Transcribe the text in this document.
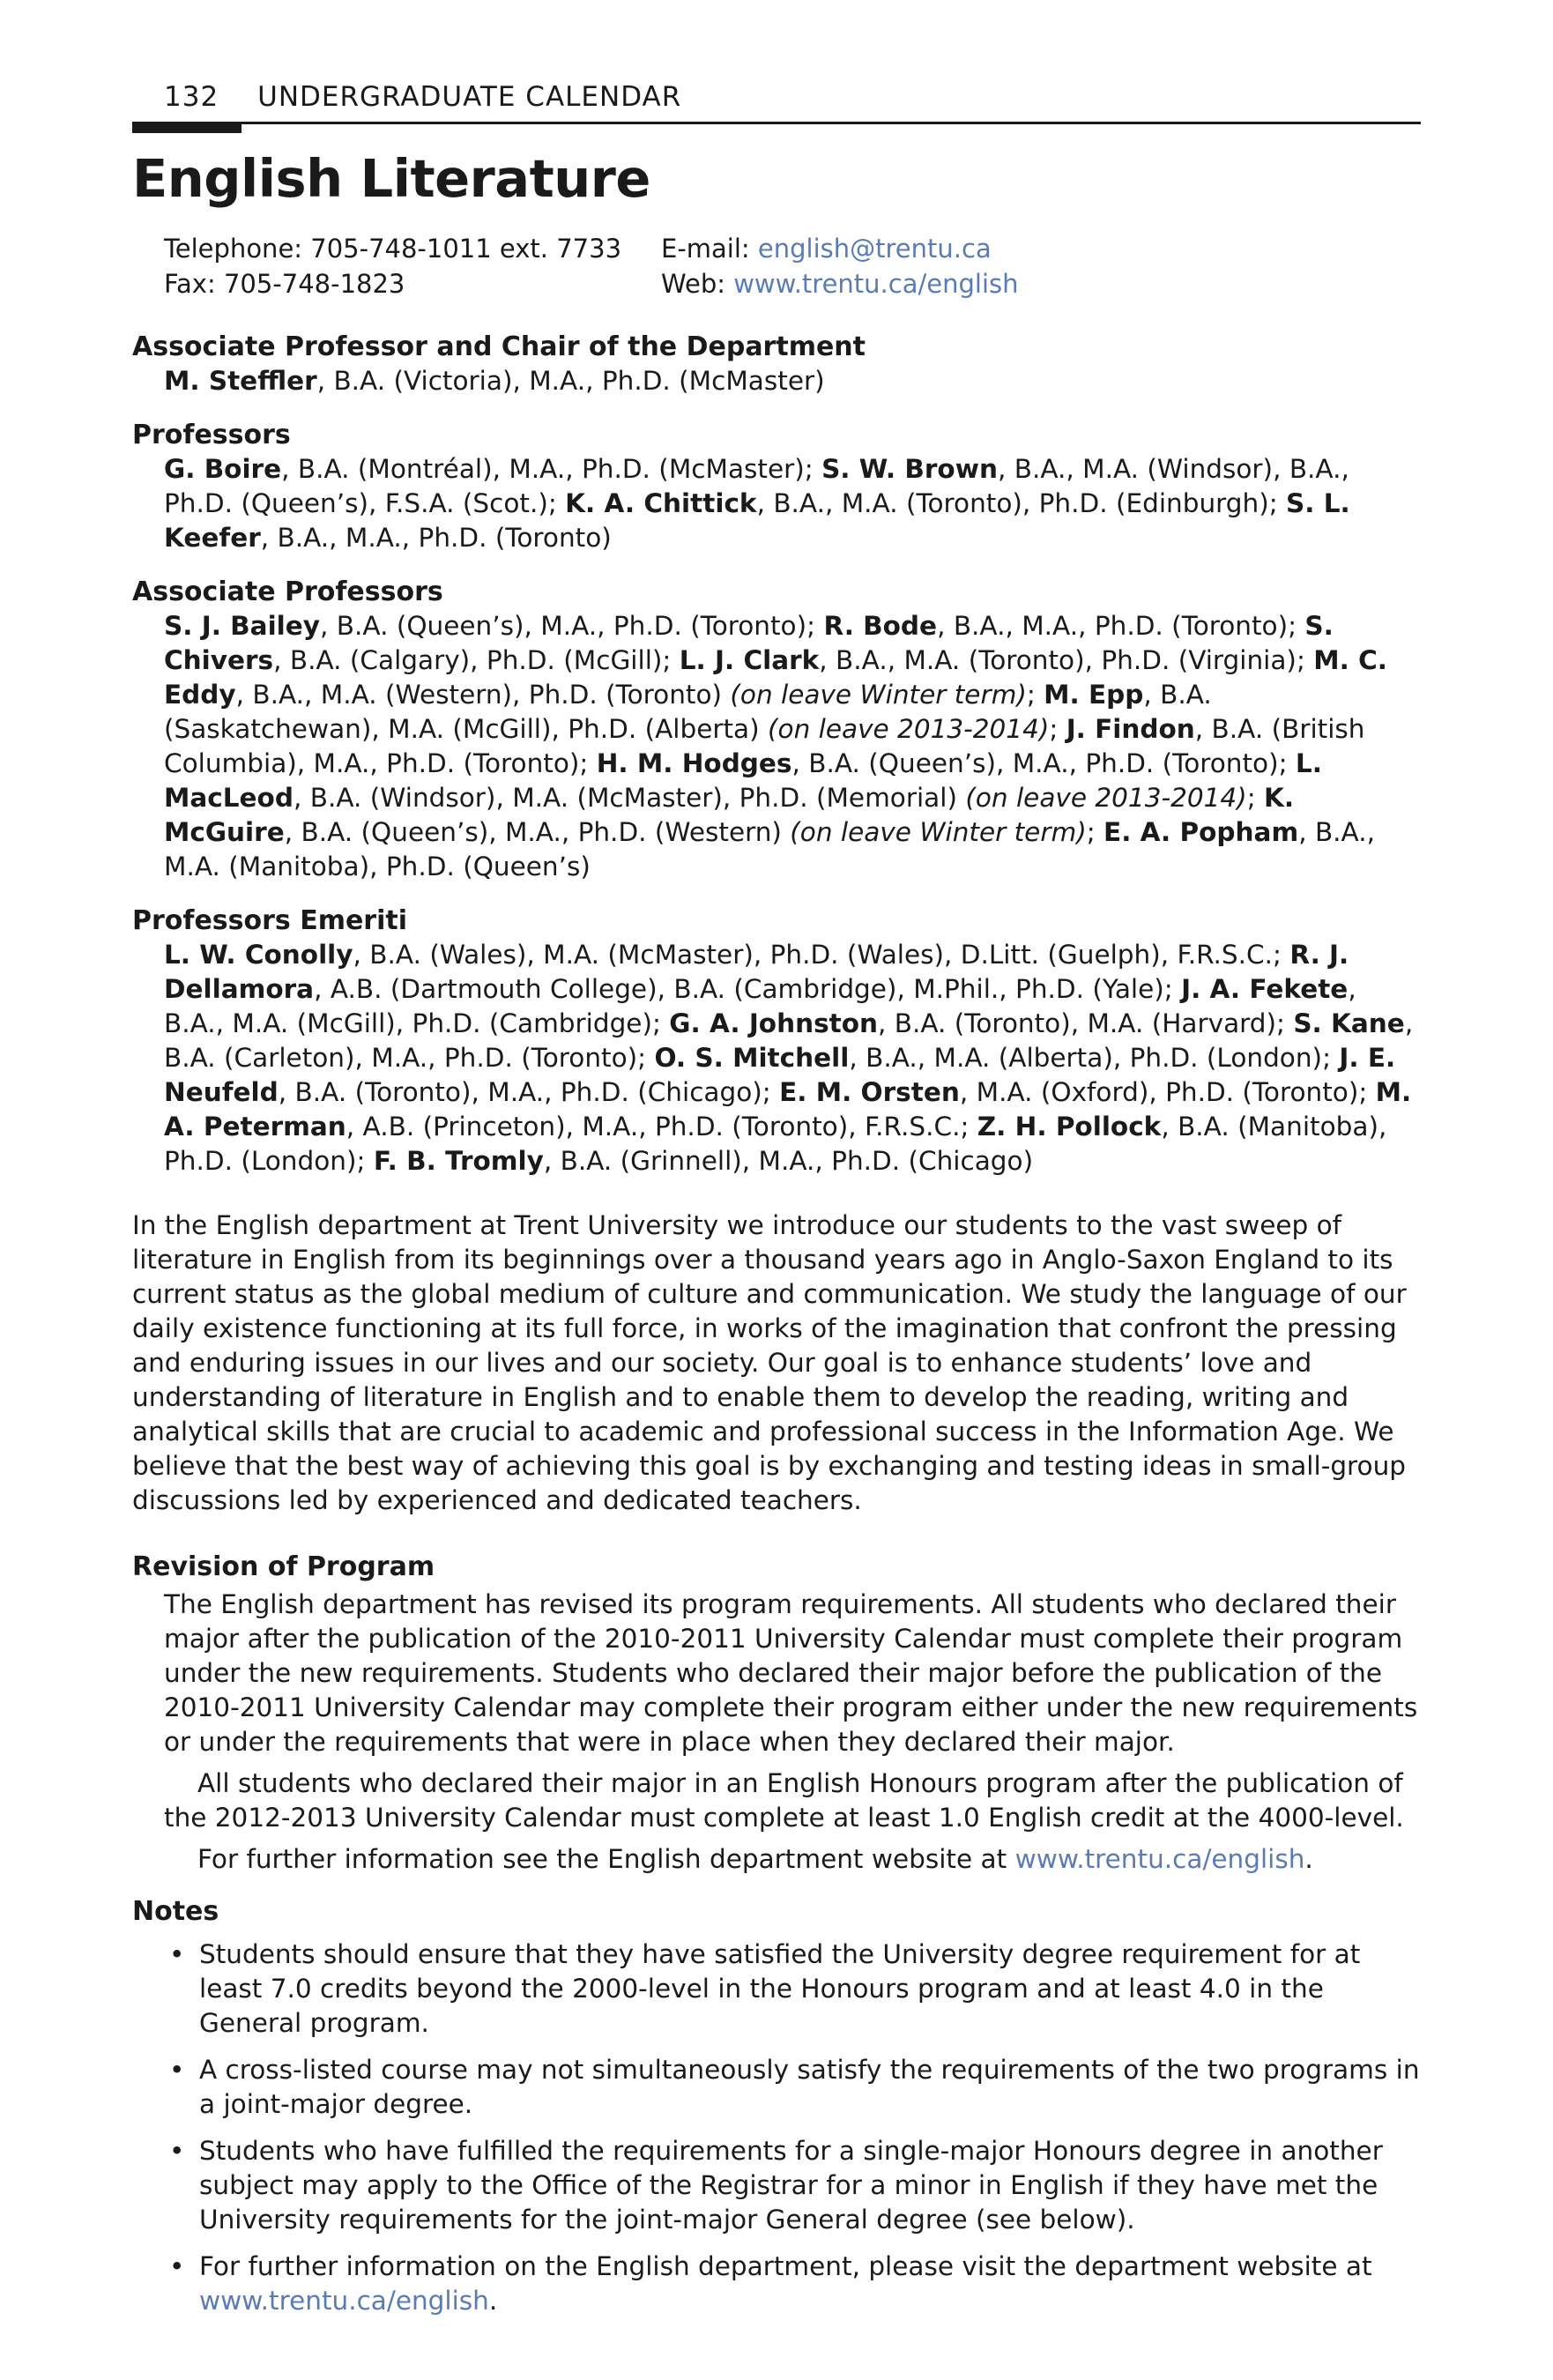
132 UNDERGRADUATE CALENDAR
English Literature
Telephone: 705-748-1011 ext. 7733
Fax: 705-748-1823
E-mail: english@trentu.ca
Web: www.trentu.ca/english
Associate Professor and Chair of the Department

M. Steffler, B.A. (Victoria), M.A., Ph.D. (McMaster)

Professors

G. Boire, B.A. (Montréal), M.A., Ph.D. (McMaster); S. W. Brown, B.A., M.A. (Windsor), B.A., Ph.D. (Queen’s), F.S.A. (Scot.); K. A. Chittick, B.A., M.A. (Toronto), Ph.D. (Edinburgh); S. L. Keefer, B.A., M.A., Ph.D. (Toronto)

Associate Professors

S. J. Bailey, B.A. (Queen’s), M.A., Ph.D. (Toronto); R. Bode, B.A., M.A., Ph.D. (Toronto); S. Chivers, B.A. (Calgary), Ph.D. (McGill); L. J. Clark, B.A., M.A. (Toronto), Ph.D. (Virginia); M. C. Eddy, B.A., M.A. (Western), Ph.D. (Toronto) (on leave Winter term); M. Epp, B.A. (Saskatchewan), M.A. (McGill), Ph.D. (Alberta) (on leave 2013-2014); J. Findon, B.A. (British Columbia), M.A., Ph.D. (Toronto); H. M. Hodges, B.A. (Queen’s), M.A., Ph.D. (Toronto); L. MacLeod, B.A. (Windsor), M.A. (McMaster), Ph.D. (Memorial) (on leave 2013-2014); K. McGuire, B.A. (Queen’s), M.A., Ph.D. (Western) (on leave Winter term); E. A. Popham, B.A., M.A. (Manitoba), Ph.D. (Queen’s)

Professors Emeriti

L. W. Conolly, B.A. (Wales), M.A. (McMaster), Ph.D. (Wales), D.Litt. (Guelph), F.R.S.C.; R. J. Dellamora, A.B. (Dartmouth College), B.A. (Cambridge), M.Phil., Ph.D. (Yale); J. A. Fekete, B.A., M.A. (McGill), Ph.D. (Cambridge); G. A. Johnston, B.A. (Toronto), M.A. (Harvard); S. Kane, B.A. (Carleton), M.A., Ph.D. (Toronto); O. S. Mitchell, B.A., M.A. (Alberta), Ph.D. (London); J. E. Neufeld, B.A. (Toronto), M.A., Ph.D. (Chicago); E. M. Orsten, M.A. (Oxford), Ph.D. (Toronto); M. A. Peterman, A.B. (Princeton), M.A., Ph.D. (Toronto), F.R.S.C.; Z. H. Pollock, B.A. (Manitoba), Ph.D. (London); F. B. Tromly, B.A. (Grinnell), M.A., Ph.D. (Chicago)

In the English department at Trent University we introduce our students to the vast sweep of literature in English from its beginnings over a thousand years ago in Anglo-Saxon England to its current status as the global medium of culture and communication. We study the language of our daily existence functioning at its full force, in works of the imagination that confront the pressing and enduring issues in our lives and our society. Our goal is to enhance students’ love and understanding of literature in English and to enable them to develop the reading, writing and analytical skills that are crucial to academic and professional success in the Information Age. We believe that the best way of achieving this goal is by exchanging and testing ideas in small-group discussions led by experienced and dedicated teachers.

Revision of Program

The English department has revised its program requirements. All students who declared their major after the publication of the 2010-2011 University Calendar must complete their program under the new requirements. Students who declared their major before the publication of the 2010-2011 University Calendar may complete their program either under the new requirements or under the requirements that were in place when they declared their major.

All students who declared their major in an English Honours program after the publication of the 2012-2013 University Calendar must complete at least 1.0 English credit at the 4000-level.

For further information see the English department website at www.trentu.ca/english.

Notes
• Students should ensure that they have satisfied the University degree requirement for at least 7.0 credits beyond the 2000-level in the Honours program and at least 4.0 in the General program.
• A cross-listed course may not simultaneously satisfy the requirements of the two programs in a joint-major degree.
• Students who have fulfilled the requirements for a single-major Honours degree in another subject may apply to the Office of the Registrar for a minor in English if they have met the University requirements for the joint-major General degree (see below).
• For further information on the English department, please visit the department website at www.trentu.ca/english.
